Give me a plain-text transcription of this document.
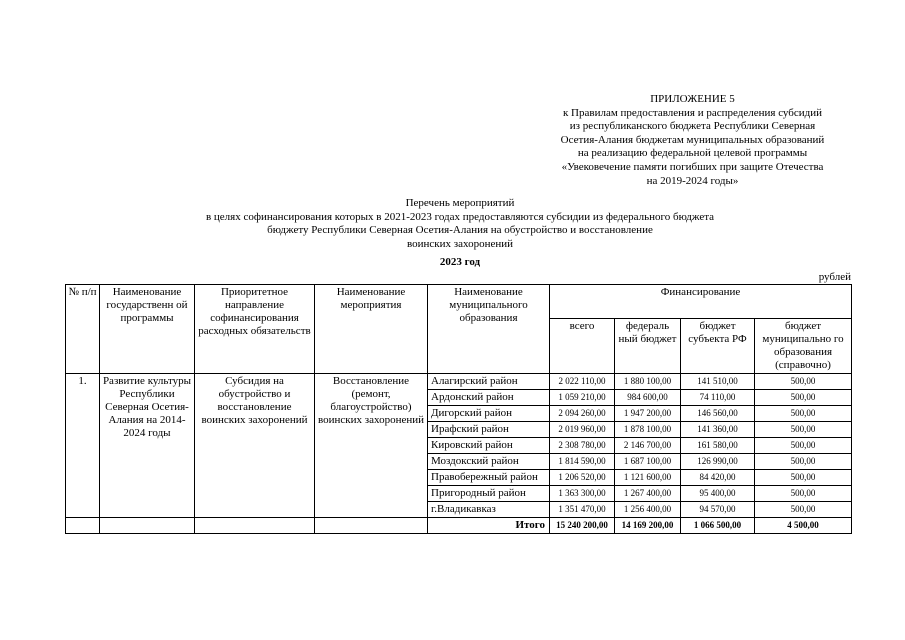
ПРИЛОЖЕНИЕ 5
к Правилам предоставления и распределения субсидий
из республиканского бюджета Республики Северная
Осетия-Алания бюджетам муниципальных образований
на реализацию федеральной целевой программы
«Увековечение памяти погибших при защите Отечества
на 2019-2024 годы»
Перечень мероприятий
в целях софинансирования которых в 2021-2023 годах предоставляются субсидии из федерального бюджета
бюджету Республики Северная Осетия-Алания на обустройство и восстановление
воинских захоронений
2023 год
рублей
№ п/п	Наименование государственн ой программы	Приоритетное направление софинансирования расходных обязательств	Наименование мероприятия	Наименование муниципального образования	Финансирование			
					всего	федераль ный бюджет	бюджет субъекта РФ	бюджет муниципально го образования (справочно)
1.	Развитие культуры Республики Северная Осетия-Алания на 2014-2024 годы	Субсидия на обустройство и восстановление воинских захоронений	Восстановление (ремонт, благоустройство) воинских захоронений	Алагирский район	2 022 110,00	1 880 100,00	141 510,00	500,00
				Ардонский район	1 059 210,00	984 600,00	74 110,00	500,00
				Дигорский район	2 094 260,00	1 947 200,00	146 560,00	500,00
				Ирафский район	2 019 960,00	1 878 100,00	141 360,00	500,00
				Кировский район	2 308 780,00	2 146 700,00	161 580,00	500,00
				Моздокский район	1 814 590,00	1 687 100,00	126 990,00	500,00
				Правобережный район	1 206 520,00	1 121 600,00	84 420,00	500,00
				Пригородный район	1 363 300,00	1 267 400,00	95 400,00	500,00
				г.Владикавказ	1 351 470,00	1 256 400,00	94 570,00	500,00
				Итого	15 240 200,00	14 169 200,00	1 066 500,00	4 500,00
